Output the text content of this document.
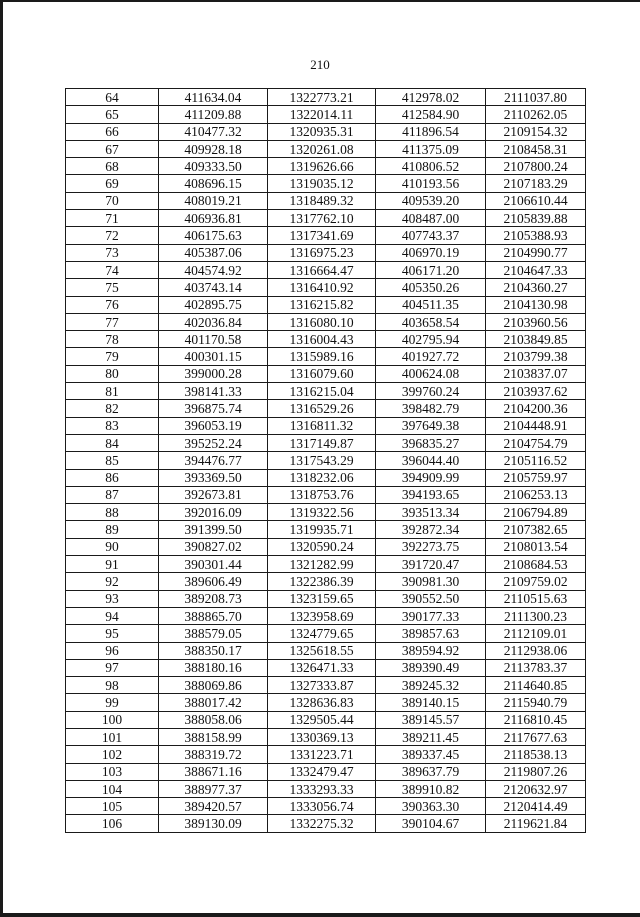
210
64	411634.04	1322773.21	412978.02	2111037.80
65	411209.88	1322014.11	412584.90	2110262.05
66	410477.32	1320935.31	411896.54	2109154.32
67	409928.18	1320261.08	411375.09	2108458.31
68	409333.50	1319626.66	410806.52	2107800.24
69	408696.15	1319035.12	410193.56	2107183.29
70	408019.21	1318489.32	409539.20	2106610.44
71	406936.81	1317762.10	408487.00	2105839.88
72	406175.63	1317341.69	407743.37	2105388.93
73	405387.06	1316975.23	406970.19	2104990.77
74	404574.92	1316664.47	406171.20	2104647.33
75	403743.14	1316410.92	405350.26	2104360.27
76	402895.75	1316215.82	404511.35	2104130.98
77	402036.84	1316080.10	403658.54	2103960.56
78	401170.58	1316004.43	402795.94	2103849.85
79	400301.15	1315989.16	401927.72	2103799.38
80	399000.28	1316079.60	400624.08	2103837.07
81	398141.33	1316215.04	399760.24	2103937.62
82	396875.74	1316529.26	398482.79	2104200.36
83	396053.19	1316811.32	397649.38	2104448.91
84	395252.24	1317149.87	396835.27	2104754.79
85	394476.77	1317543.29	396044.40	2105116.52
86	393369.50	1318232.06	394909.99	2105759.97
87	392673.81	1318753.76	394193.65	2106253.13
88	392016.09	1319322.56	393513.34	2106794.89
89	391399.50	1319935.71	392872.34	2107382.65
90	390827.02	1320590.24	392273.75	2108013.54
91	390301.44	1321282.99	391720.47	2108684.53
92	389606.49	1322386.39	390981.30	2109759.02
93	389208.73	1323159.65	390552.50	2110515.63
94	388865.70	1323958.69	390177.33	2111300.23
95	388579.05	1324779.65	389857.63	2112109.01
96	388350.17	1325618.55	389594.92	2112938.06
97	388180.16	1326471.33	389390.49	2113783.37
98	388069.86	1327333.87	389245.32	2114640.85
99	388017.42	1328636.83	389140.15	2115940.79
100	388058.06	1329505.44	389145.57	2116810.45
101	388158.99	1330369.13	389211.45	2117677.63
102	388319.72	1331223.71	389337.45	2118538.13
103	388671.16	1332479.47	389637.79	2119807.26
104	388977.37	1333293.33	389910.82	2120632.97
105	389420.57	1333056.74	390363.30	2120414.49
106	389130.09	1332275.32	390104.67	2119621.84
